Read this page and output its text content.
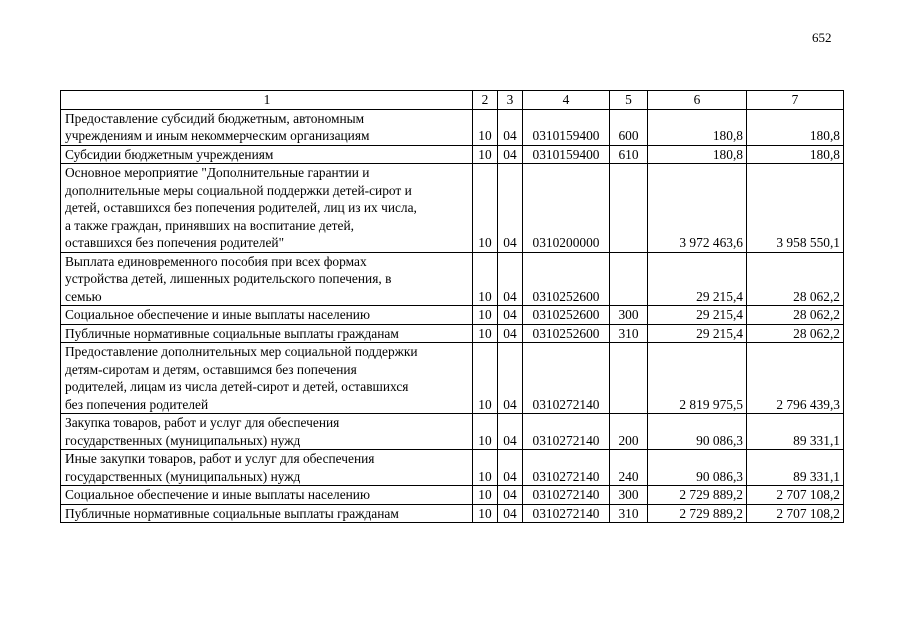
652
1	2	3	4	5	6	7

Предоставление субсидий бюджетным, автономным
учреждениям и иным некоммерческим организациям	10	04	0310159400	600	180,8	180,8

Субсидии бюджетным учреждениям	10	04	0310159400	610	180,8	180,8

Основное мероприятие "Дополнительные гарантии и
дополнительные меры социальной поддержки детей-сирот и
детей, оставшихся без попечения родителей, лиц из их числа,
а также граждан, принявших на воспитание детей,
оставшихся без попечения родителей"	10	04	0310200000		3 972 463,6	3 958 550,1

Выплата единовременного пособия при всех формах
устройства детей, лишенных родительского попечения, в
семью	10	04	0310252600		29 215,4	28 062,2

Социальное обеспечение и иные выплаты населению	10	04	0310252600	300	29 215,4	28 062,2

Публичные нормативные социальные выплаты гражданам	10	04	0310252600	310	29 215,4	28 062,2

Предоставление дополнительных мер социальной поддержки
детям-сиротам и детям, оставшимся без попечения
родителей, лицам из числа детей-сирот и детей, оставшихся
без попечения родителей	10	04	0310272140		2 819 975,5	2 796 439,3

Закупка товаров, работ и услуг для обеспечения
государственных (муниципальных) нужд	10	04	0310272140	200	90 086,3	89 331,1

Иные закупки товаров, работ и услуг для обеспечения
государственных (муниципальных) нужд	10	04	0310272140	240	90 086,3	89 331,1

Социальное обеспечение и иные выплаты населению	10	04	0310272140	300	2 729 889,2	2 707 108,2

Публичные нормативные социальные выплаты гражданам	10	04	0310272140	310	2 729 889,2	2 707 108,2
